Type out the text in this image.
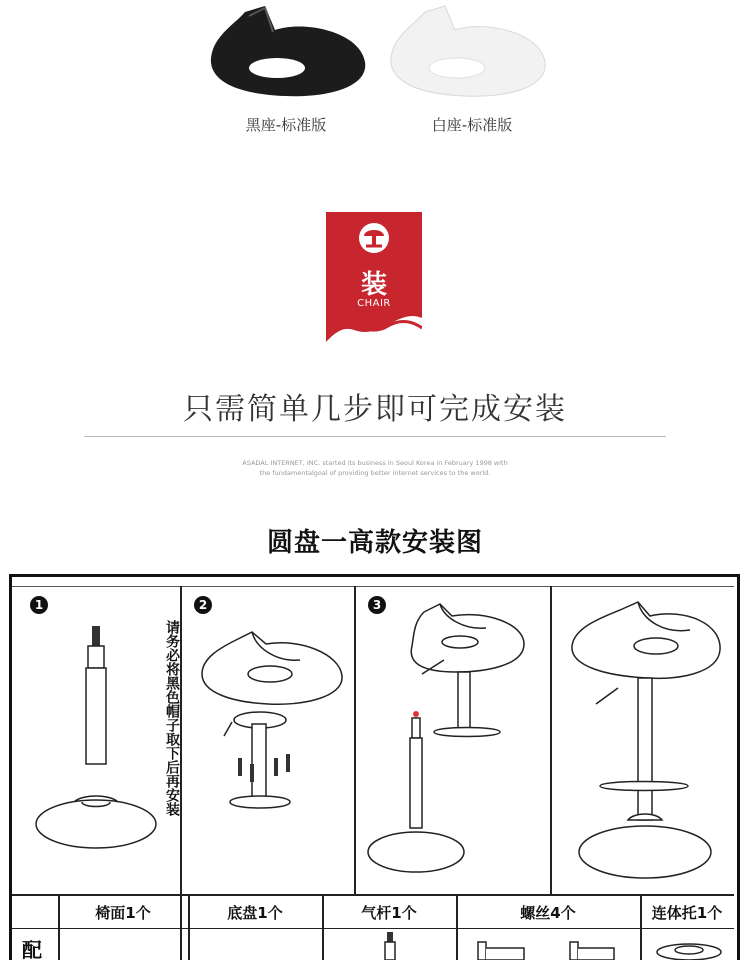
黑座-标准版	白座-标准版
装
CHAIR
只需简单几步即可完成安装
ASADAL INTERNET, INC. started its business in Seoul Korea in February 1998 with
the fundamentalgoal of providing better internet services to the world.
圆盘一高款安装图
1	2	3
请务必将黑色帽子取下后再安装
配
椅面1个	底盘1个	气杆1个	螺丝4个	连体托1个
